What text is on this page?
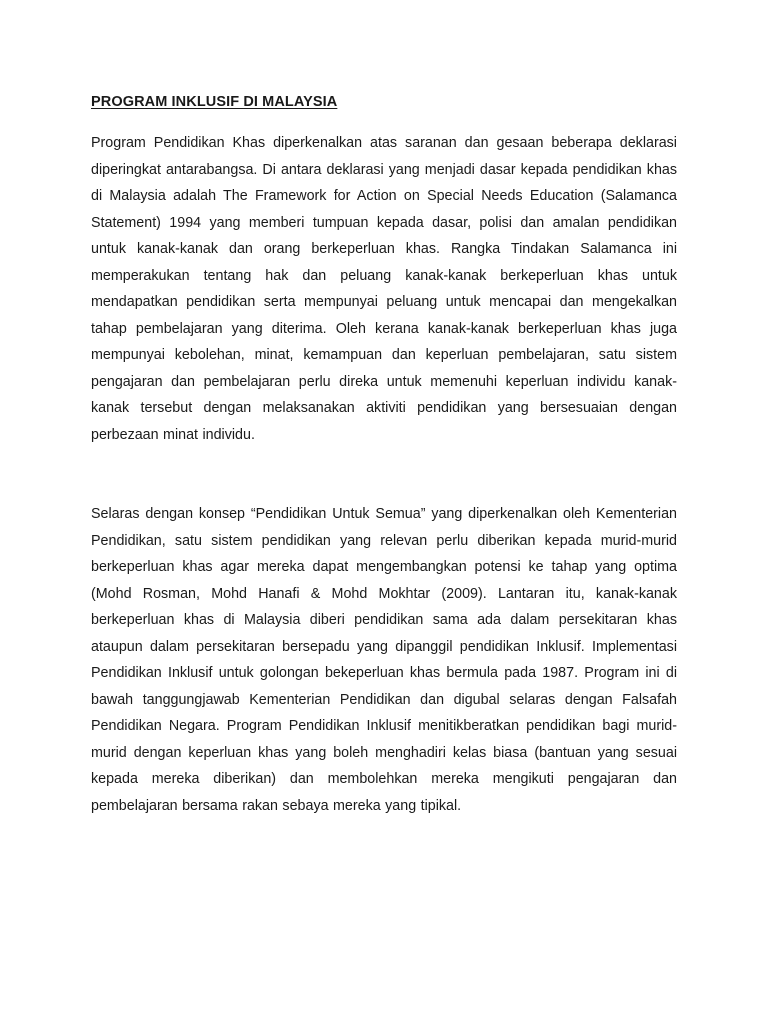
PROGRAM INKLUSIF DI MALAYSIA

Program Pendidikan Khas diperkenalkan atas saranan dan gesaan beberapa deklarasi diperingkat antarabangsa. Di antara deklarasi yang menjadi dasar kepada pendidikan khas di Malaysia adalah The Framework for Action on Special Needs Education (Salamanca Statement) 1994 yang memberi tumpuan kepada dasar, polisi dan amalan pendidikan untuk kanak-kanak dan orang berkeperluan khas. Rangka Tindakan Salamanca ini memperakukan tentang hak dan peluang kanak-kanak berkeperluan khas untuk mendapatkan pendidikan serta mempunyai peluang untuk mencapai dan mengekalkan tahap pembelajaran yang diterima. Oleh kerana kanak-kanak berkeperluan khas juga mempunyai kebolehan, minat, kemampuan dan keperluan pembelajaran, satu sistem pengajaran dan pembelajaran perlu direka untuk memenuhi keperluan individu kanak-kanak tersebut dengan melaksanakan aktiviti pendidikan yang bersesuaian dengan perbezaan minat individu.

Selaras dengan konsep “Pendidikan Untuk Semua” yang diperkenalkan oleh Kementerian Pendidikan, satu sistem pendidikan yang relevan perlu diberikan kepada murid-murid berkeperluan khas agar mereka dapat mengembangkan potensi ke tahap yang optima (Mohd Rosman, Mohd Hanafi & Mohd Mokhtar (2009). Lantaran itu, kanak-kanak berkeperluan khas di Malaysia diberi pendidikan sama ada dalam persekitaran khas ataupun dalam persekitaran bersepadu yang dipanggil pendidikan Inklusif. Implementasi Pendidikan Inklusif untuk golongan bekeperluan khas bermula pada 1987. Program ini di bawah tanggungjawab Kementerian Pendidikan dan digubal selaras dengan Falsafah Pendidikan Negara. Program Pendidikan Inklusif menitikberatkan pendidikan bagi murid-murid dengan keperluan khas yang boleh menghadiri kelas biasa (bantuan yang sesuai kepada mereka diberikan) dan membolehkan mereka mengikuti pengajaran dan pembelajaran bersama rakan sebaya mereka yang tipikal.
